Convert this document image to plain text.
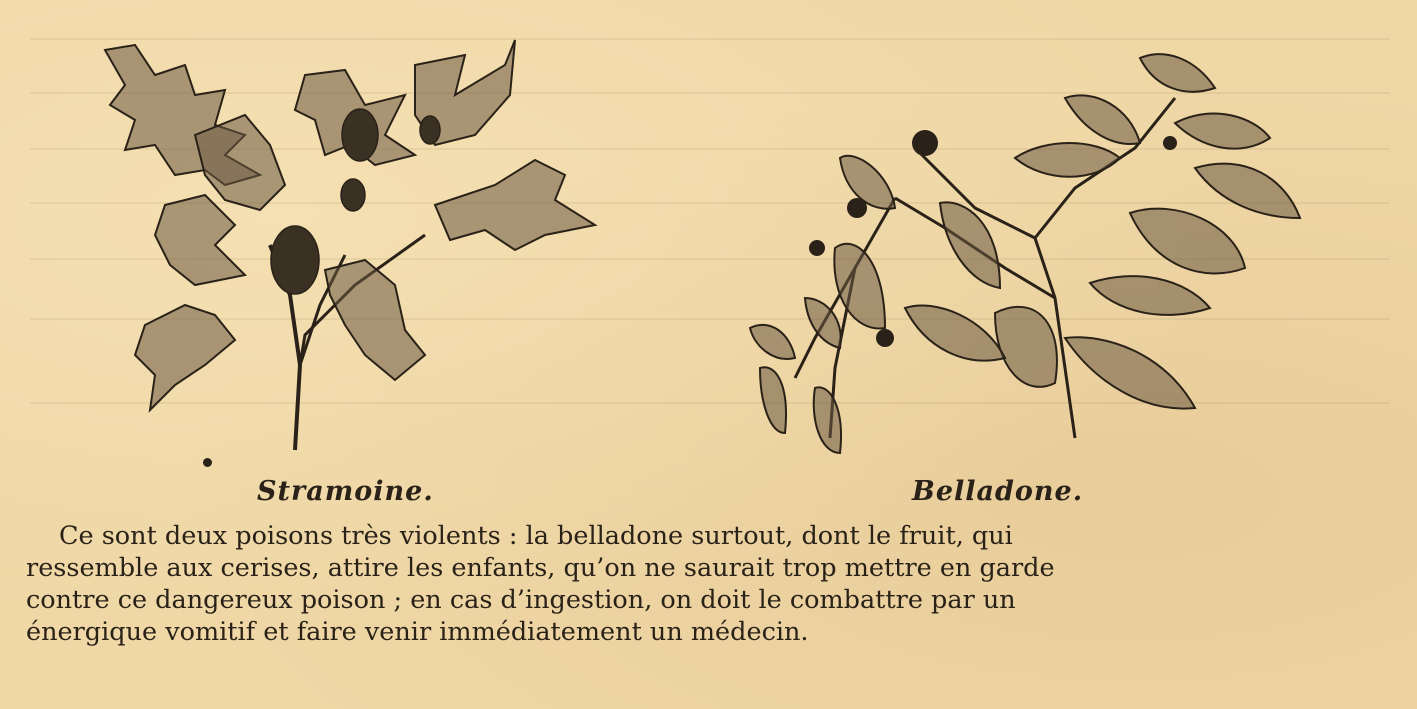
Stramoine.	Belladone.
Ce sont deux poisons très violents : la belladone surtout, dont le fruit, qui
ressemble aux cerises, attire les enfants, qu’on ne saurait trop mettre en garde
contre ce dangereux poison ; en cas d’ingestion, on doit le combattre par un
énergique vomitif et faire venir immédiatement un médecin.
